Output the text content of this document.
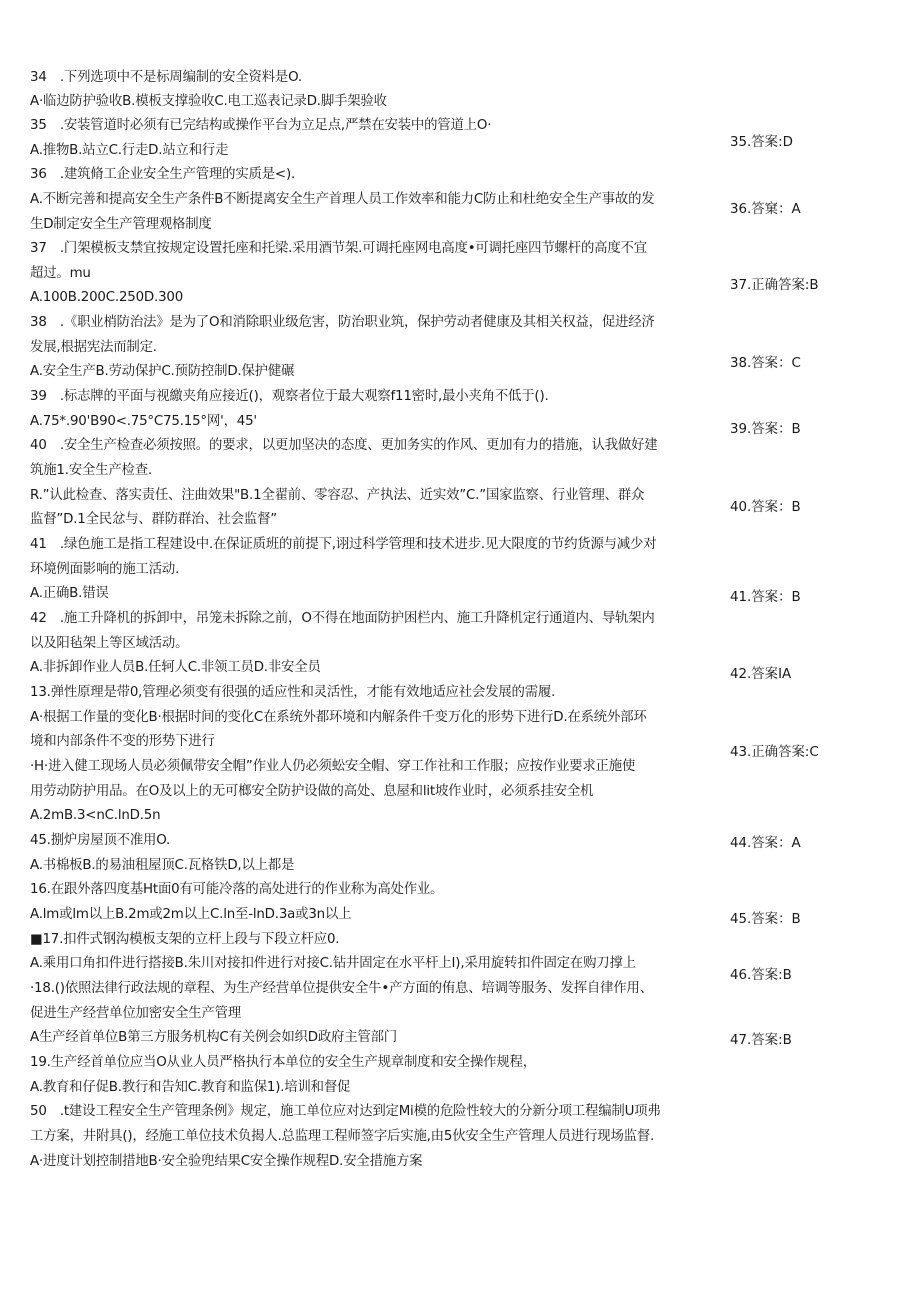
34　.下列选项中不是标周编制的安全资料是O.
A·临边防护验收B.模板支撑验收C.电工巡表记录D.脚手架验收
35　.安装管道时必须有已完结构或操作平台为立足点,严禁在安装中的管道上O·
A.推物B.站立C.行走D.站立和行走
36　.建筑脩工企业安全生产管理的实质是<).
A.不断完善和提高安全生产条件B不断提离安全生产首理人员工作效率和能力C防止和杜绝安全生产事故的发
生D制定安全生产管理观格制度
37　.门架模板支禁宜按规定设置托座和托梁.采用酒节架.可调托座网电高度•可调托座四节螺杆的高度不宜
超过。mu
A.100B.200C.250D.300
38　.《职业梢防治法》是为了O和消除职业级危害，防治职业筑，保护劳动者健康及其相关权益，促进经济
发展,根据宪法而制定.
A.安全生产B.劳动保护C.预防控制D.保护健碾
39　.标志牌的平面与视繳夹角应接近()，观察者位于最大观察f11密时,最小夹角不低于().
A.75*.90'B90<.75°C75.15°网'，45'
40　.安全生产检查必须按照。的要求，以更加坚决的态度、更加务实的作风、更加有力的措施，认我做好建
筑施1.安全生产检查.
R.”认此检查、落实责任、注曲效果"B.1全翟前、零容忍、产执法、近实效”C.”国家监察、行业管理、群众
监督”D.1全民忿与、群防群治、社会监督”
41　.绿色施工是指工程建设中.在保证质班的前提下,诩过科学管理和技术进步.见大限度的节约货源与减少对
环境例面影响的施工活动.
A.正确B.错误
42　.施工升降机的拆卸中，吊笼未拆除之前，O不得在地面防护困栏内、施工升降机定行通道内、导轨架内
以及阳毡架上等区域活动。
A.非拆卸作业人员B.任轲人C.非领工员D.非安全员
13.弹性原理是带0,管理必须变有很强的适应性和灵活性，才能有效地适应社会发展的需履.
A·根据工作量的变化B·根据时间的变化C在系统外都环境和内解条件千变万化的形势下进行D.在系统外部环
境和内部条件不变的形势下进行
·H·进入健工现场人员必须佩带安全帽”作业人仍必须蚣安全帽、穿工作社和工作服；应按作业要求正施使
用劳动防护用品。在O及以上的无可榔安全防护设做的高处、息屋和lit坡作业时，必须系挂安全机
A.2mB.3<nC.lnD.5n
45.捌炉房屋顶不准用O.
A.书棉板B.的易油租屋顶C.瓦格铁D,以上都是
16.在跟外落四度基Ht面0有可能冷落的高处进行的作业称为高处作业。
A.lm或lm以上B.2m或2m以上C.ln至-lnD.3a或3n以上
■17.扣件式钢沟模板支架的立杆上段与下段立杆应0.
A.乘用口角扣件进行搭接B.朱川对接扣件进行对接C.钻井固定在水平杆上I),采用旋转扣件固定在购刀撑上
·18.()依照法律行政法规的章程、为生产经营单位提供安全牛•产方面的侑息、培调等服务、发挥自律作用、
促进生产经营单位加密安全生产管理
A生产经首单位B第三方服务机构C有关例会如织D政府主管部门
19.生产经首单位应当O从业人员严格执行本单位的安全生产规章制度和安全操作规程，
A.教育和仔促B.教行和告知C.教育和监保1).培训和督促
50　.t建设工程安全生产管理条例》规定，施工单位应对达到定Mi模的危险性较大的分新分项工程编制U项弗
工方案，井附具()，经施工单位技术负揭人.总监理工程师签字后实施,由5伙安全生产管理人员进行现场监督.
A·进度计划控制措地B·安全验兜结果C安全操作规程D.安全措施方案
35.答案:D
36.答窠：A
37.正确答案:B
38.答案：C
39.答案：B
40.答案：B
41.答案：B
42.答案IA
43.正确答案:C
44.答案：A
45.答案：B
46.答案:B
47.答案:B
